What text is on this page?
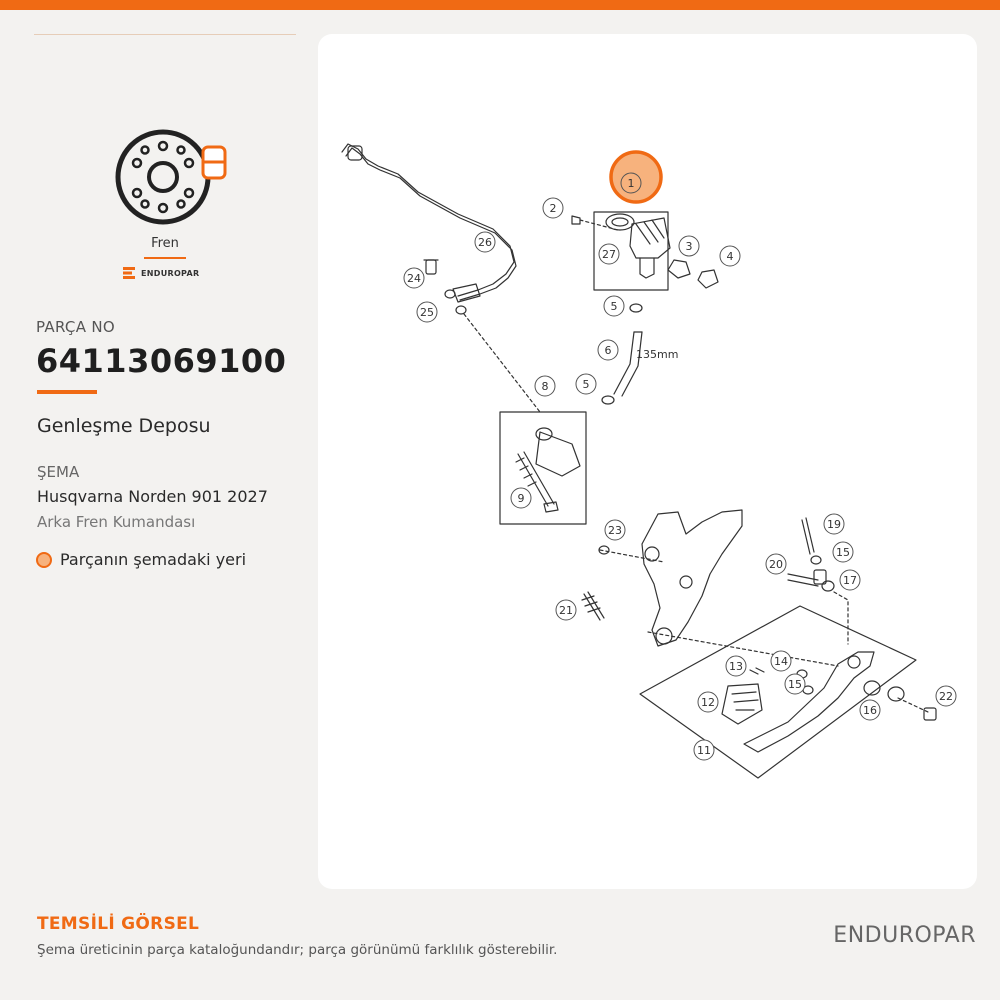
Fren
ENDUROPAR
PARÇA NO
64113069100
Genleşme Deposu
ŞEMA
Husqvarna Norden 901 2027
Arka Fren Kumandası
Parçanın şemadaki yeri
135mm
1
2
3
4
5
5
6
8
9
11
12
13	14
15
15
16
17
19
20
21
22
23
24
25
26
27
TEMSİLİ GÖRSEL
Şema üreticinin parça kataloğundandır; parça görünümü farklılık gösterebilir.
ENDUROPAR
